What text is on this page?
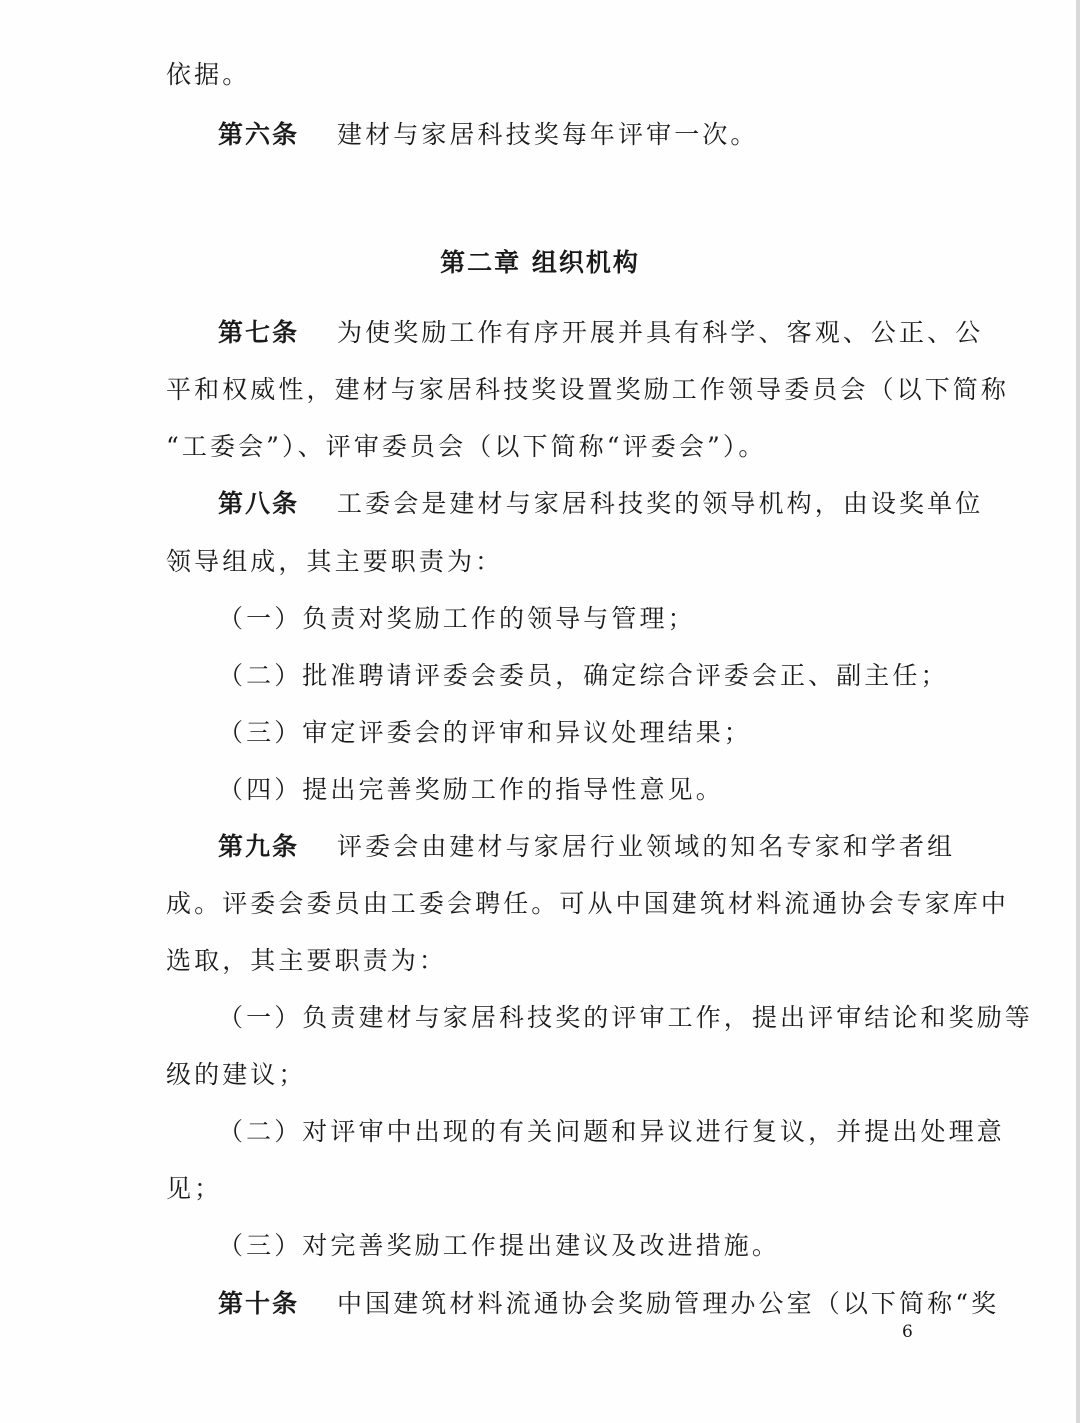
依据。
第六条 建材与家居科技奖每年评审一次。
第二章 组织机构
第七条 为使奖励工作有序开展并具有科学、客观、公正、公
平和权威性，建材与家居科技奖设置奖励工作领导委员会（以下简称
“工委会”）、评审委员会（以下简称“评委会”）。
第八条 工委会是建材与家居科技奖的领导机构，由设奖单位
领导组成，其主要职责为：
（一）负责对奖励工作的领导与管理；
（二）批准聘请评委会委员，确定综合评委会正、副主任；
（三）审定评委会的评审和异议处理结果；
（四）提出完善奖励工作的指导性意见。
第九条 评委会由建材与家居行业领域的知名专家和学者组
成。评委会委员由工委会聘任。可从中国建筑材料流通协会专家库中
选取，其主要职责为：
（一）负责建材与家居科技奖的评审工作，提出评审结论和奖励等
级的建议；
（二）对评审中出现的有关问题和异议进行复议，并提出处理意
见；
（三）对完善奖励工作提出建议及改进措施。
第十条 中国建筑材料流通协会奖励管理办公室（以下简称“奖
6
